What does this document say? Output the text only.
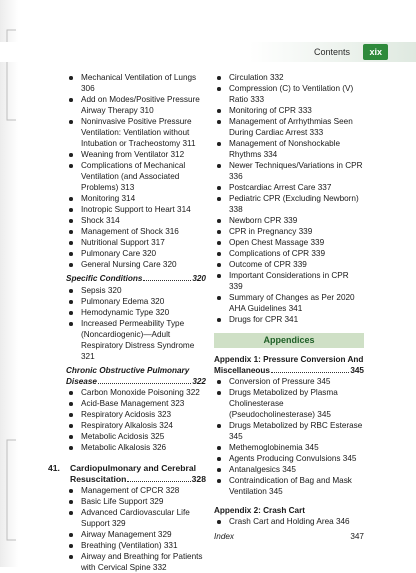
Contents	xix
Mechanical Ventilation of Lungs 306
Add on Modes/Positive Pressure Airway Therapy 310
Noninvasive Positive Pressure Ventilation: Ventilation without Intubation or Tracheostomy 311
Weaning from Ventilator 312
Complications of Mechanical Ventilation (and Associated Problems) 313
Monitoring 314
Inotropic Support to Heart 314
Shock 314
Management of Shock 316
Nutritional Support 317
Pulmonary Care 320
General Nursing Care 320
Specific Conditions	320
Sepsis 320
Pulmonary Edema 320
Hemodynamic Type 320
Increased Permeability Type (Noncardiogenic)—Adult Respiratory Distress Syndrome 321
Chronic Obstructive Pulmonary
Disease	322
Carbon Monoxide Poisoning 322
Acid-Base Management 323
Respiratory Acidosis 323
Respiratory Alkalosis 324
Metabolic Acidosis 325
Metabolic Alkalosis 326
41.	Cardiopulmonary and Cerebral
Resuscitation	328
Management of CPCR 328
Basic Life Support 329
Advanced Cardiovascular Life Support 329
Airway Management 329
Breathing (Ventilation) 331
Airway and Breathing for Patients with Cervical Spine 332
Circulation 332
Compression (C) to Ventilation (V) Ratio 333
Monitoring of CPR 333
Management of Arrhythmias Seen During Cardiac Arrest 333
Management of Nonshockable Rhythms 334
Newer Techniques/Variations in CPR 336
Postcardiac Arrest Care 337
Pediatric CPR (Excluding Newborn) 338
Newborn CPR 339
CPR in Pregnancy 339
Open Chest Massage 339
Complications of CPR 339
Outcome of CPR 339
Important Considerations in CPR 339
Summary of Changes as Per 2020 AHA Guidelines 341
Drugs for CPR 341
Appendices
Appendix 1: Pressure Conversion And
Miscellaneous	345
Conversion of Pressure 345
Drugs Metabolized by Plasma Cholinesterase (Pseudocholinesterase) 345
Drugs Metabolized by RBC Esterase 345
Methemoglobinemia 345
Agents Producing Convulsions 345
Antanalgesics 345
Contraindication of Bag and Mask Ventilation 345
Appendix 2: Crash Cart
Crash Cart and Holding Area 346
Index	347
